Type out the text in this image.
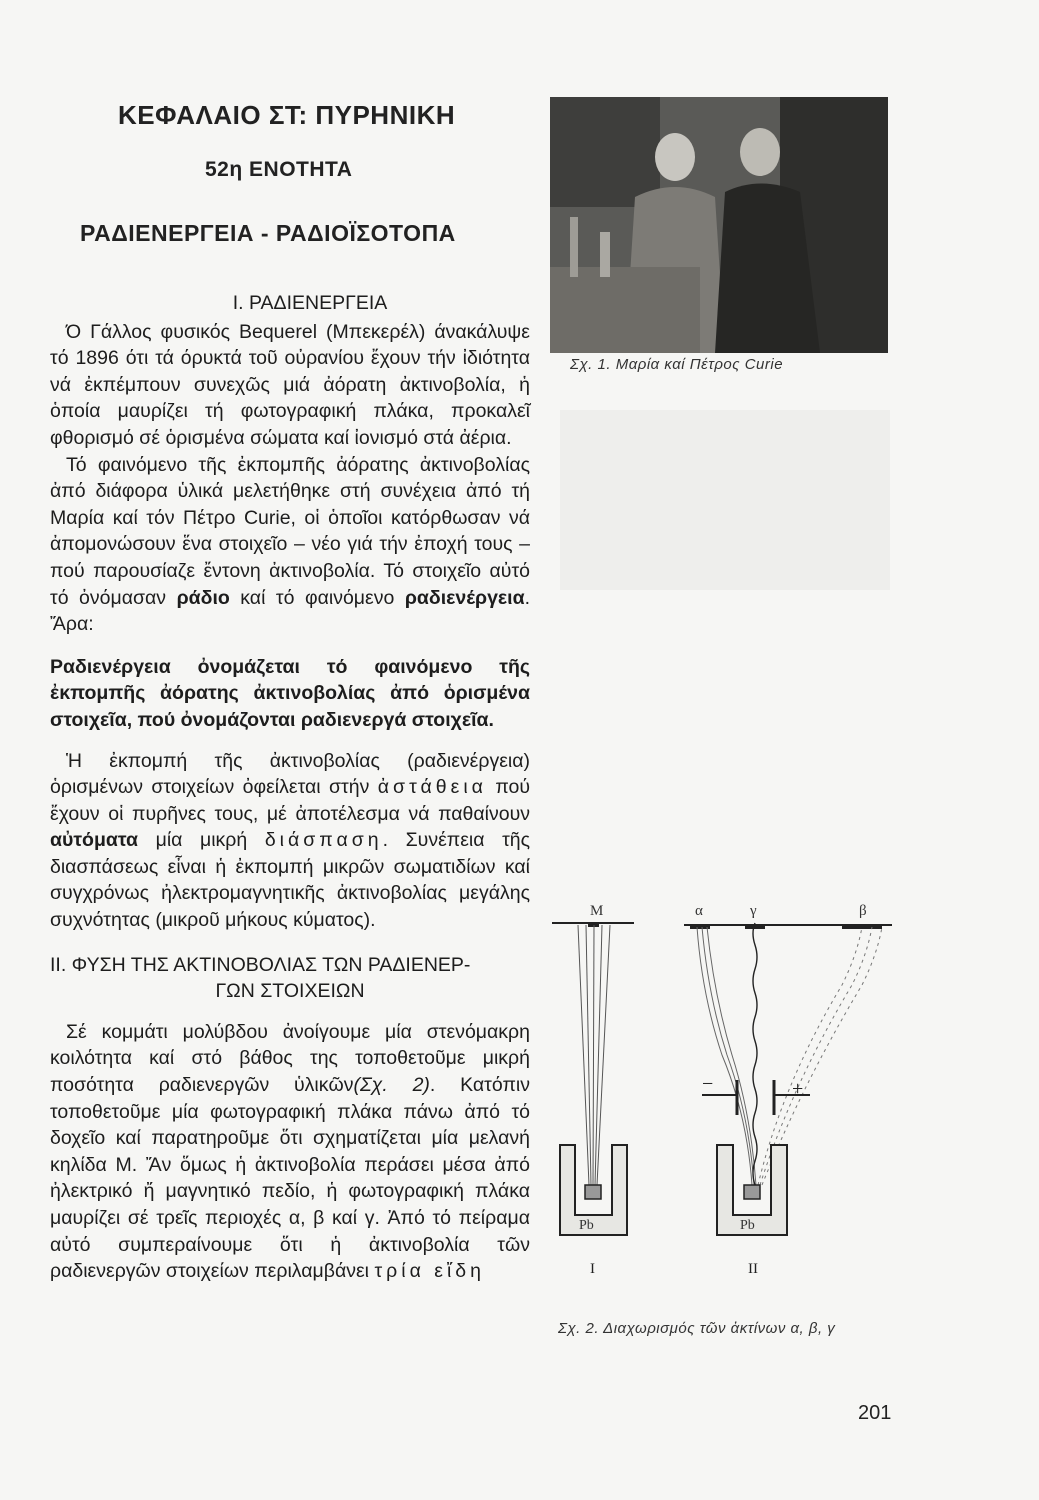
ΚΕΦΑΛΑΙΟ ΣΤ: ΠΥΡΗΝΙΚΗ
52η ΕΝΟΤΗΤΑ
ΡΑΔΙΕΝΕΡΓΕΙΑ - ΡΑΔΙΟΪΣΟΤΟΠΑ

Ι. ΡΑΔΙΕΝΕΡΓΕΙΑ

Ό Γάλλος φυσικός Bequerel (Μπεκερέλ) άνακάλυψε τό 1896 ότι τά όρυκτά τοῦ οὐρανίου ἔχουν τήν ἰδιότητα νά ἐκπέμπουν συνεχῶς μιά ἀόρατη ἀκτινοβολία, ἡ ὁποία μαυρίζει τή φωτογραφική πλάκα, προκαλεῖ φθορισμό σέ ὁρισμένα σώματα καί ἰονισμό στά ἀέρια.

Τό φαινόμενο τῆς ἐκπομπῆς ἀόρατης ἀκτινοβολίας ἀπό διάφορα ὑλικά μελετήθηκε στή συνέχεια ἀπό τή Μαρία καί τόν Πέτρο Curie, οἱ ὁποῖοι κατόρθωσαν νά ἀπομονώσουν ἕνα στοιχεῖο – νέο γιά τήν ἐποχή τους – πού παρουσίαζε ἔντονη ἀκτινοβολία. Τό στοιχεῖο αὐτό τό ὀνόμασαν ράδιο καί τό φαινόμενο ραδιενέργεια. Ἄρα:

Ραδιενέργεια ὀνομάζεται τό φαινόμενο τῆς ἐκπομπῆς ἀόρατης ἀκτινοβολίας ἀπό ὁρισμένα στοιχεῖα, πού ὀνομάζονται ραδιενεργά στοιχεῖα.

Ἡ ἐκπομπή τῆς ἀκτινοβολίας (ραδιενέργεια) ὁρισμένων στοιχείων ὀφείλεται στήν ἀστάθεια πού ἔχουν οἱ πυρῆνες τους, μέ ἀποτέλεσμα νά παθαίνουν αὐτόματα μία μικρή διάσπαση. Συνέπεια τῆς διασπάσεως εἶναι ἡ ἐκπομπή μικρῶν σωματιδίων καί συγχρόνως ἠλεκτρομαγνητικῆς ἀκτινοβολίας μεγάλης συχνότητας (μικροῦ μήκους κύματος).

ΙΙ. ΦΥΣΗ ΤΗΣ ΑΚΤΙΝΟΒΟΛΙΑΣ ΤΩΝ ΡΑΔΙΕΝΕΡ-

ΓΩΝ ΣΤΟΙΧΕΙΩΝ

Σέ κομμάτι μολύβδου ἀνοίγουμε μία στενόμακρη κοιλότητα καί στό βάθος της τοποθετοῦμε μικρή ποσότητα ραδιενεργῶν ὑλικῶν(Σχ. 2). Κατόπιν τοποθετοῦμε μία φωτογραφική πλάκα πάνω ἀπό τό δοχεῖο καί παρατηροῦμε ὅτι σχηματίζεται μία μελανή κηλίδα Μ. Ἄν ὅμως ἡ ἀκτινοβολία περάσει μέσα ἀπό ἠλεκτρικό ἤ μαγνητικό πεδίο, ἡ φωτογραφική πλάκα μαυρίζει σέ τρεῖς περιοχές α, β καί γ. Ἀπό τό πείραμα αὐτό συμπεραίνουμε ὅτι ἡ ἀκτινοβολία τῶν ραδιενεργῶν στοιχείων περιλαμβάνει τρία εἴδη

Σχ. 1. Μαρία καί Πέτρος Curie
Μ
Pb
I
α	γ	β
−	+
Pb
II
Σχ. 2. Διαχωρισμός τῶν ἀκτίνων α, β, γ
201
